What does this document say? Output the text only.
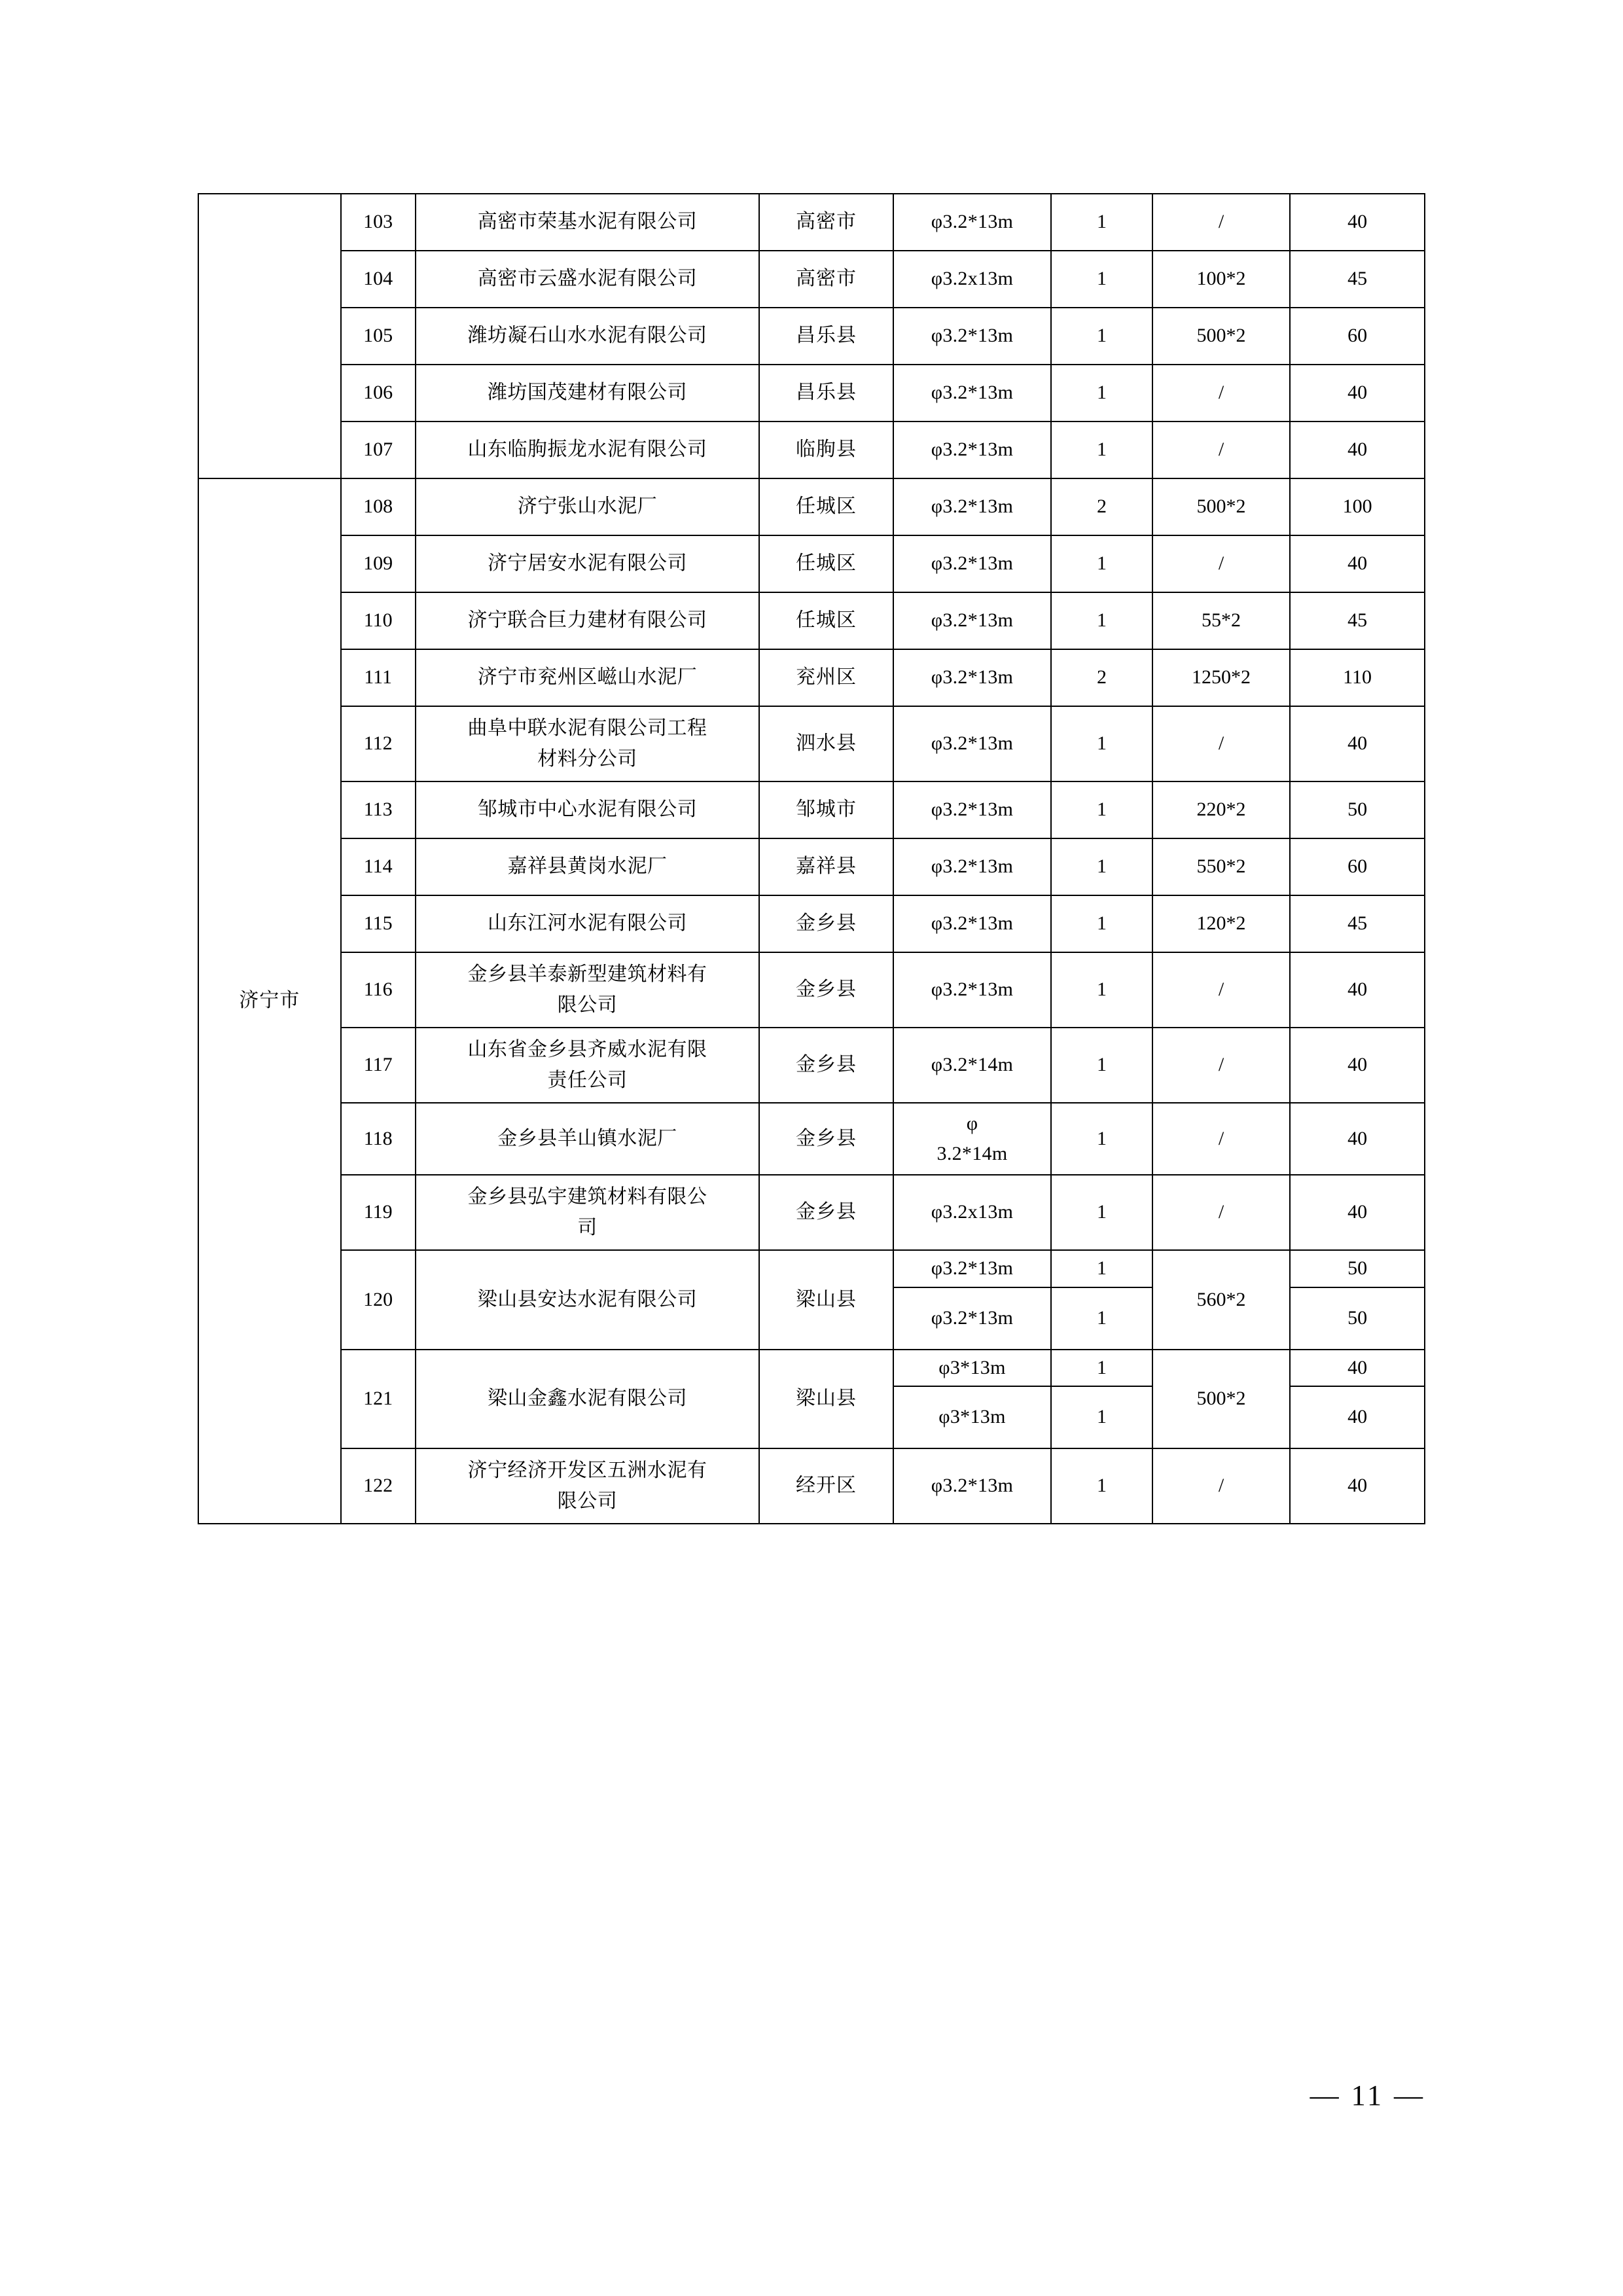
	103	高密市荣基水泥有限公司	高密市	φ3.2*13m	1	/	40
	104	高密市云盛水泥有限公司	高密市	φ3.2x13m	1	100*2	45
	105	潍坊凝石山水水泥有限公司	昌乐县	φ3.2*13m	1	500*2	60
	106	潍坊国茂建材有限公司	昌乐县	φ3.2*13m	1	/	40
	107	山东临朐振龙水泥有限公司	临朐县	φ3.2*13m	1	/	40
济宁市	108	济宁张山水泥厂	任城区	φ3.2*13m	2	500*2	100
	109	济宁居安水泥有限公司	任城区	φ3.2*13m	1	/	40
	110	济宁联合巨力建材有限公司	任城区	φ3.2*13m	1	55*2	45
	111	济宁市兖州区嵫山水泥厂	兖州区	φ3.2*13m	2	1250*2	110
	112	曲阜中联水泥有限公司工程
材料分公司	泗水县	φ3.2*13m	1	/	40
	113	邹城市中心水泥有限公司	邹城市	φ3.2*13m	1	220*2	50
	114	嘉祥县黄岗水泥厂	嘉祥县	φ3.2*13m	1	550*2	60
	115	山东江河水泥有限公司	金乡县	φ3.2*13m	1	120*2	45
	116	金乡县羊泰新型建筑材料有
限公司	金乡县	φ3.2*13m	1	/	40
	117	山东省金乡县齐威水泥有限
责任公司	金乡县	φ3.2*14m	1	/	40
	118	金乡县羊山镇水泥厂	金乡县	φ
3.2*14m	1	/	40
	119	金乡县弘宇建筑材料有限公
司	金乡县	φ3.2x13m	1	/	40
	120	梁山县安达水泥有限公司	梁山县	φ3.2*13m	1	560*2	50
				φ3.2*13m	1		50
	121	梁山金鑫水泥有限公司	梁山县	φ3*13m	1	500*2	40
				φ3*13m	1		40
	122	济宁经济开发区五洲水泥有
限公司	经开区	φ3.2*13m	1	/	40
— 11 —
